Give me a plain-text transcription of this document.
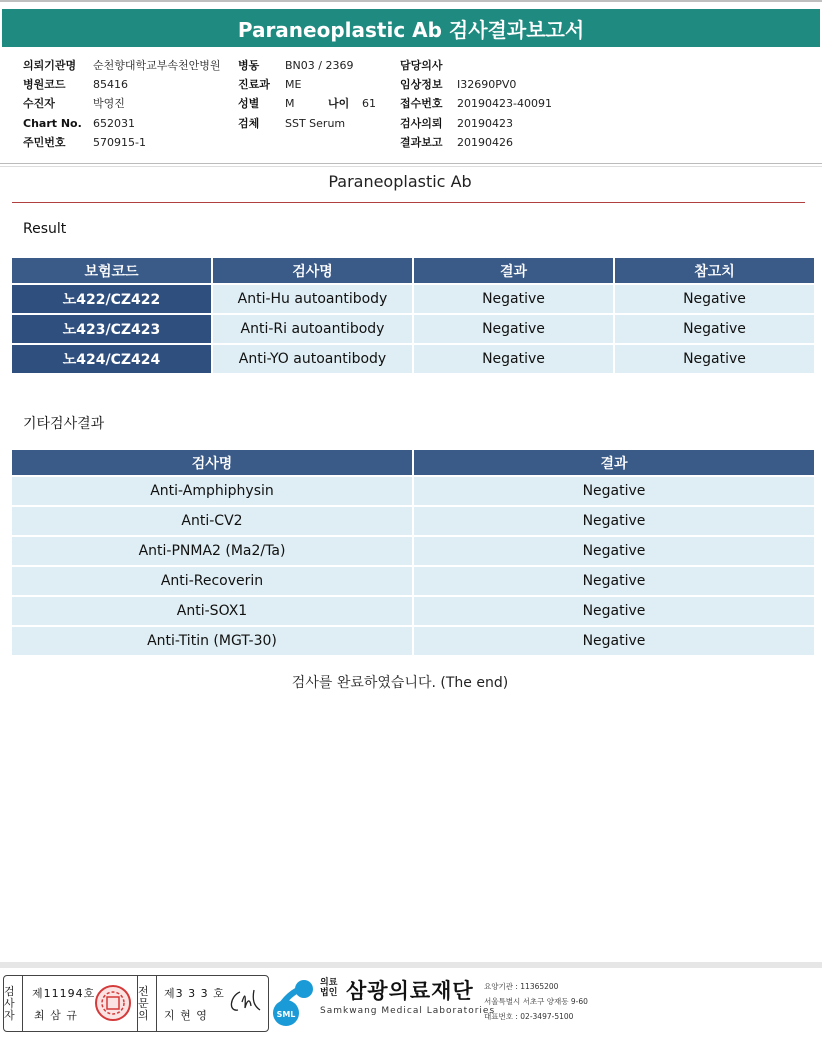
Paraneoplastic Ab 검사결과보고서
의뢰기관명	순천향대학교부속천안병원
병원코드	85416
수진자	박영진
Chart No.	652031
주민번호	570915-1
병동	BN03 / 2369
진료과	ME
성별	M	나이	61
검체	SST Serum
담당의사
임상정보	I32690PV0
접수번호	20190423-40091
검사의뢰	20190423
결과보고	20190426
Paraneoplastic Ab
Result
보험코드	검사명	결과	참고치
노422/CZ422	Anti-Hu autoantibody	Negative	Negative
노423/CZ423	Anti-Ri autoantibody	Negative	Negative
노424/CZ424	Anti-YO autoantibody	Negative	Negative
기타검사결과
검사명	결과
Anti-Amphiphysin	Negative
Anti-CV2	Negative
Anti-PNMA2 (Ma2/Ta)	Negative
Anti-Recoverin	Negative
Anti-SOX1	Negative
Anti-Titin (MGT-30)	Negative
검사를 완료하였습니다. (The end)
검사자
제11194호
최 삼 규
전문의
제3 3 3 호
지 현 영	SML
의료법인 삼광의료재단
Samkwang Medical Laboratories
요양기관 : 11365200
서울특별시 서초구 양재동 9-60
대표번호 : 02-3497-5100
